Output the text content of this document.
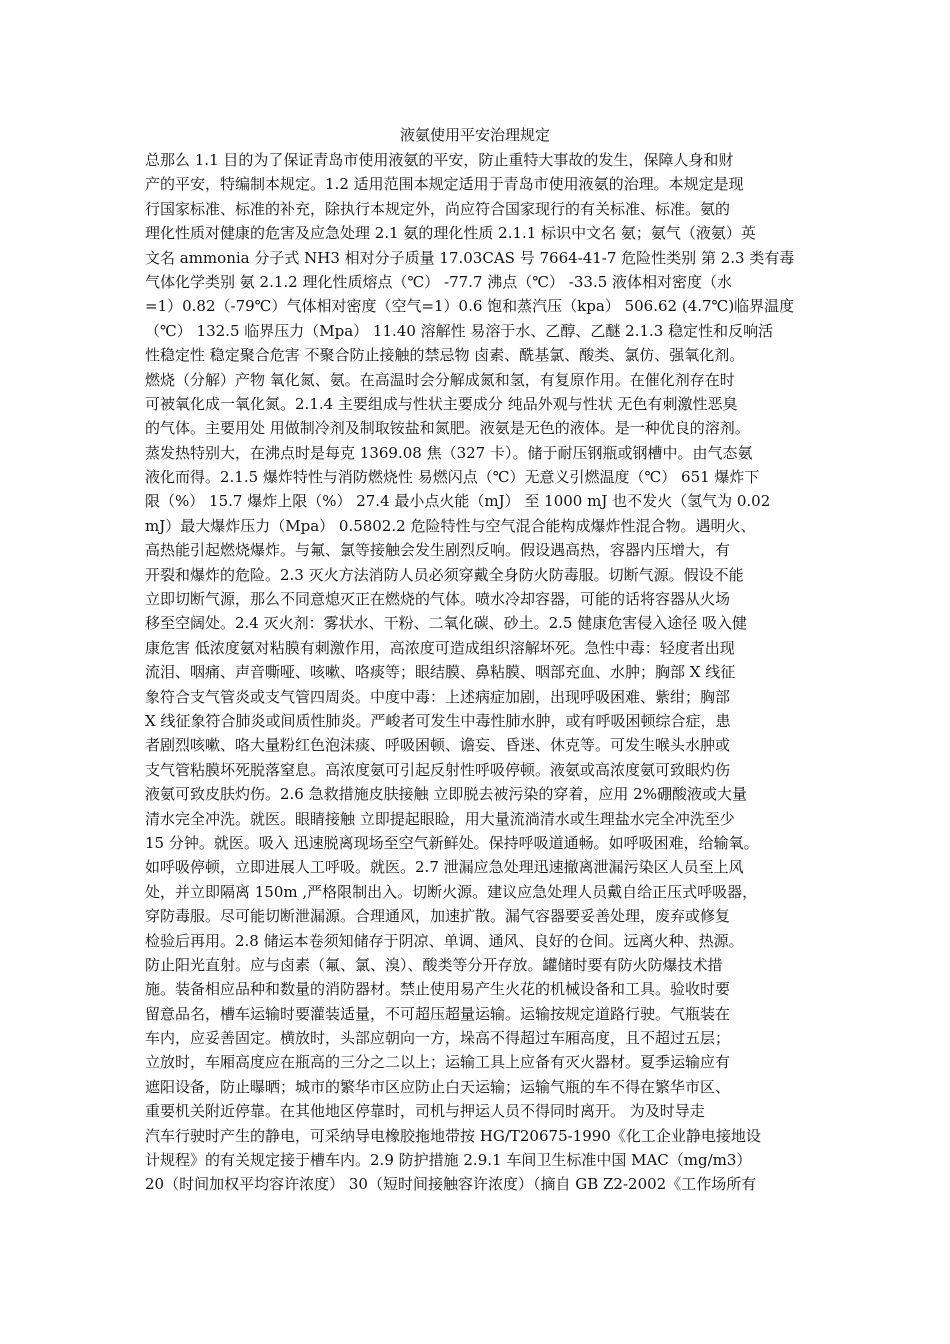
液氨使用平安治理规定
总那么 1.1 目的为了保证青岛市使用液氨的平安，防止重特大事故的发生，保障人身和财
产的平安，特编制本规定。1.2 适用范围本规定适用于青岛市使用液氨的治理。本规定是现
行国家标准、标准的补充，除执行本规定外，尚应符合国家现行的有关标准、标准。氨的
理化性质对健康的危害及应急处理 2.1 氨的理化性质 2.1.1 标识中文名 氨；氨气（液氨）英
文名 ammonia 分子式 NH3 相对分子质量 17.03CAS 号 7664-41-7 危险性类别 第 2.3 类有毒
气体化学类别 氨 2.1.2 理化性质熔点（℃） -77.7 沸点（℃） -33.5 液体相对密度（水
=1）0.82（-79℃）气体相对密度（空气=1）0.6 饱和蒸汽压（kpa） 506.62 (4.7℃)临界温度
（℃） 132.5 临界压力（Mpa） 11.40 溶解性 易溶于水、乙醇、乙醚 2.1.3 稳定性和反响活
性稳定性 稳定聚合危害 不聚合防止接触的禁忌物 卤素、酰基氯、酸类、氯仿、强氧化剂。
燃烧（分解）产物 氧化氮、氨。在高温时会分解成氮和氢，有复原作用。在催化剂存在时
可被氧化成一氧化氮。2.1.4 主要组成与性状主要成分 纯品外观与性状 无色有刺激性恶臭
的气体。主要用处 用做制冷剂及制取铵盐和氮肥。液氨是无色的液体。是一种优良的溶剂。
蒸发热特别大，在沸点时是每克 1369.08 焦（327 卡）。储于耐压钢瓶或钢槽中。由气态氨
液化而得。2.1.5 爆炸特性与消防燃烧性 易燃闪点（℃）无意义引燃温度（℃） 651 爆炸下
限（%） 15.7 爆炸上限（%） 27.4 最小点火能（mJ） 至 1000 mJ 也不发火（氢气为 0.02
mJ）最大爆炸压力（Mpa） 0.5802.2 危险特性与空气混合能构成爆炸性混合物。遇明火、
高热能引起燃烧爆炸。与氟、氯等接触会发生剧烈反响。假设遇高热，容器内压增大，有
开裂和爆炸的危险。2.3 灭火方法消防人员必须穿戴全身防火防毒服。切断气源。假设不能
立即切断气源，那么不同意熄灭正在燃烧的气体。喷水冷却容器，可能的话将容器从火场
移至空阔处。2.4 灭火剂：雾状水、干粉、二氧化碳、砂土。2.5 健康危害侵入途径 吸入健
康危害 低浓度氨对粘膜有刺激作用，高浓度可造成组织溶解坏死。急性中毒：轻度者出现
流泪、咽痛、声音嘶哑、咳嗽、咯痰等；眼结膜、鼻粘膜、咽部充血、水肿；胸部 X 线征
象符合支气管炎或支气管四周炎。中度中毒：上述病症加剧，出现呼吸困难、紫绀；胸部
X 线征象符合肺炎或间质性肺炎。严峻者可发生中毒性肺水肿，或有呼吸困顿综合症，患
者剧烈咳嗽、咯大量粉红色泡沫痰、呼吸困顿、谵妄、昏迷、休克等。可发生喉头水肿或
支气管粘膜坏死脱落窒息。高浓度氨可引起反射性呼吸停顿。液氨或高浓度氨可致眼灼伤
液氨可致皮肤灼伤。2.6 急救措施皮肤接触 立即脱去被污染的穿着，应用 2%硼酸液或大量
清水完全冲洗。就医。眼睛接触 立即提起眼睑，用大量流淌清水或生理盐水完全冲洗至少
15 分钟。就医。吸入 迅速脱离现场至空气新鲜处。保持呼吸道通畅。如呼吸困难，给输氧。
如呼吸停顿，立即进展人工呼吸。就医。2.7 泄漏应急处理迅速撤离泄漏污染区人员至上风
处，并立即隔离 150m ,严格限制出入。切断火源。建议应急处理人员戴自给正压式呼吸器，
穿防毒服。尽可能切断泄漏源。合理通风，加速扩散。漏气容器要妥善处理，废弃或修复
检验后再用。2.8 储运本卷须知储存于阴凉、单调、通风、良好的仓间。远离火种、热源。
防止阳光直射。应与卤素（氟、氯、溴）、酸类等分开存放。罐储时要有防火防爆技术措
施。装备相应品种和数量的消防器材。禁止使用易产生火花的机械设备和工具。验收时要
留意品名，槽车运输时要灌装适量，不可超压超量运输。运输按规定道路行驶。气瓶装在
车内，应妥善固定。横放时，头部应朝向一方，垛高不得超过车厢高度，且不超过五层；
立放时，车厢高度应在瓶高的三分之二以上；运输工具上应备有灭火器材。夏季运输应有
遮阳设备，防止曝晒；城市的繁华市区应防止白天运输；运输气瓶的车不得在繁华市区、
重要机关附近停靠。在其他地区停靠时，司机与押运人员不得同时离开。 为及时导走
汽车行驶时产生的静电，可采纳导电橡胶拖地带按 HG/T20675-1990《化工企业静电接地设
计规程》的有关规定接于槽车内。2.9 防护措施 2.9.1 车间卫生标准中国 MAC（mg/m3）
20（时间加权平均容许浓度） 30（短时间接触容许浓度）（摘自 GB Z2-2002《工作场所有
